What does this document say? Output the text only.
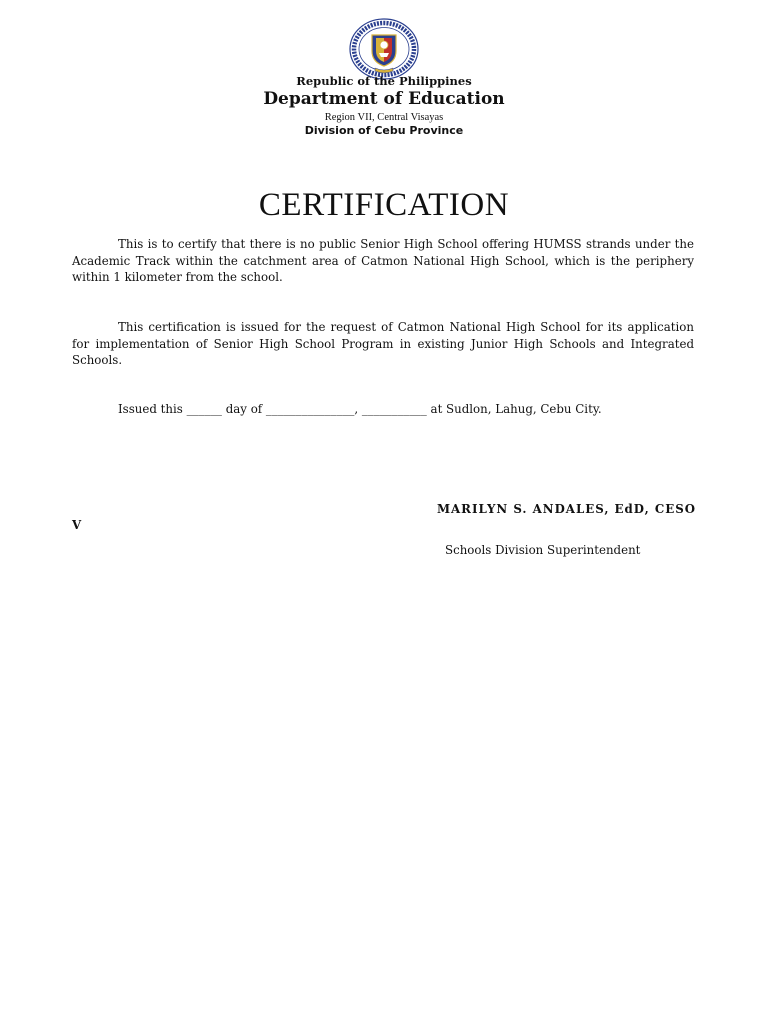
Republic of the Philippines

Department of Education

Region VII, Central Visayas

Division of Cebu Province

CERTIFICATION

This is to certify that there is no public Senior High School offering HUMSS strands under the Academic Track within the catchment area of Catmon National High School, which is the periphery within 1 kilometer from the school.

This certification is issued for the request of Catmon National High School for its application for implementation of Senior High School Program in existing Junior High Schools and Integrated Schools.

Issued this ______ day of _______________, ___________ at Sudlon, Lahug, Cebu City.

MARILYN S. ANDALES, EdD, CESO

V

Schools Division Superintendent
